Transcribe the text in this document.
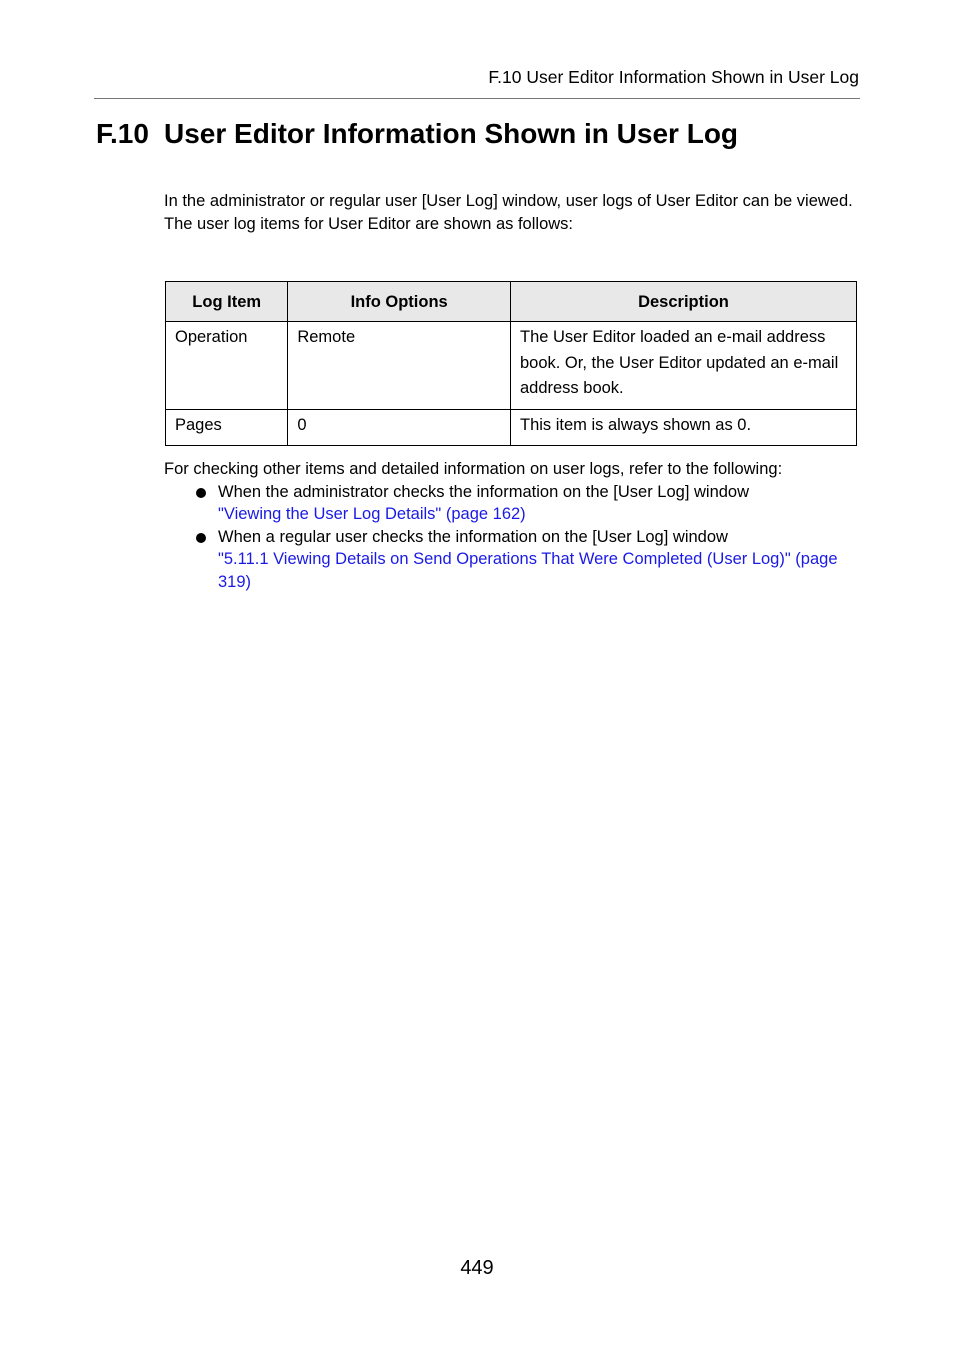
F.10 User Editor Information Shown in User Log
F.10 User Editor Information Shown in User Log

In the administrator or regular user [User Log] window, user logs of User Editor can be viewed.

The user log items for User Editor are shown as follows:

Log Item	Info Options	Description
Operation	Remote	The User Editor loaded an e-mail address book. Or, the User Editor updated an e-mail address book.
Pages	0	This item is always shown as 0.

For checking other items and detailed information on user logs, refer to the following:

When the administrator checks the information on the [User Log] window
"Viewing the User Log Details" (page 162)
When a regular user checks the information on the [User Log] window
"5.11.1 Viewing Details on Send Operations That Were Completed (User Log)" (page 319)
449
